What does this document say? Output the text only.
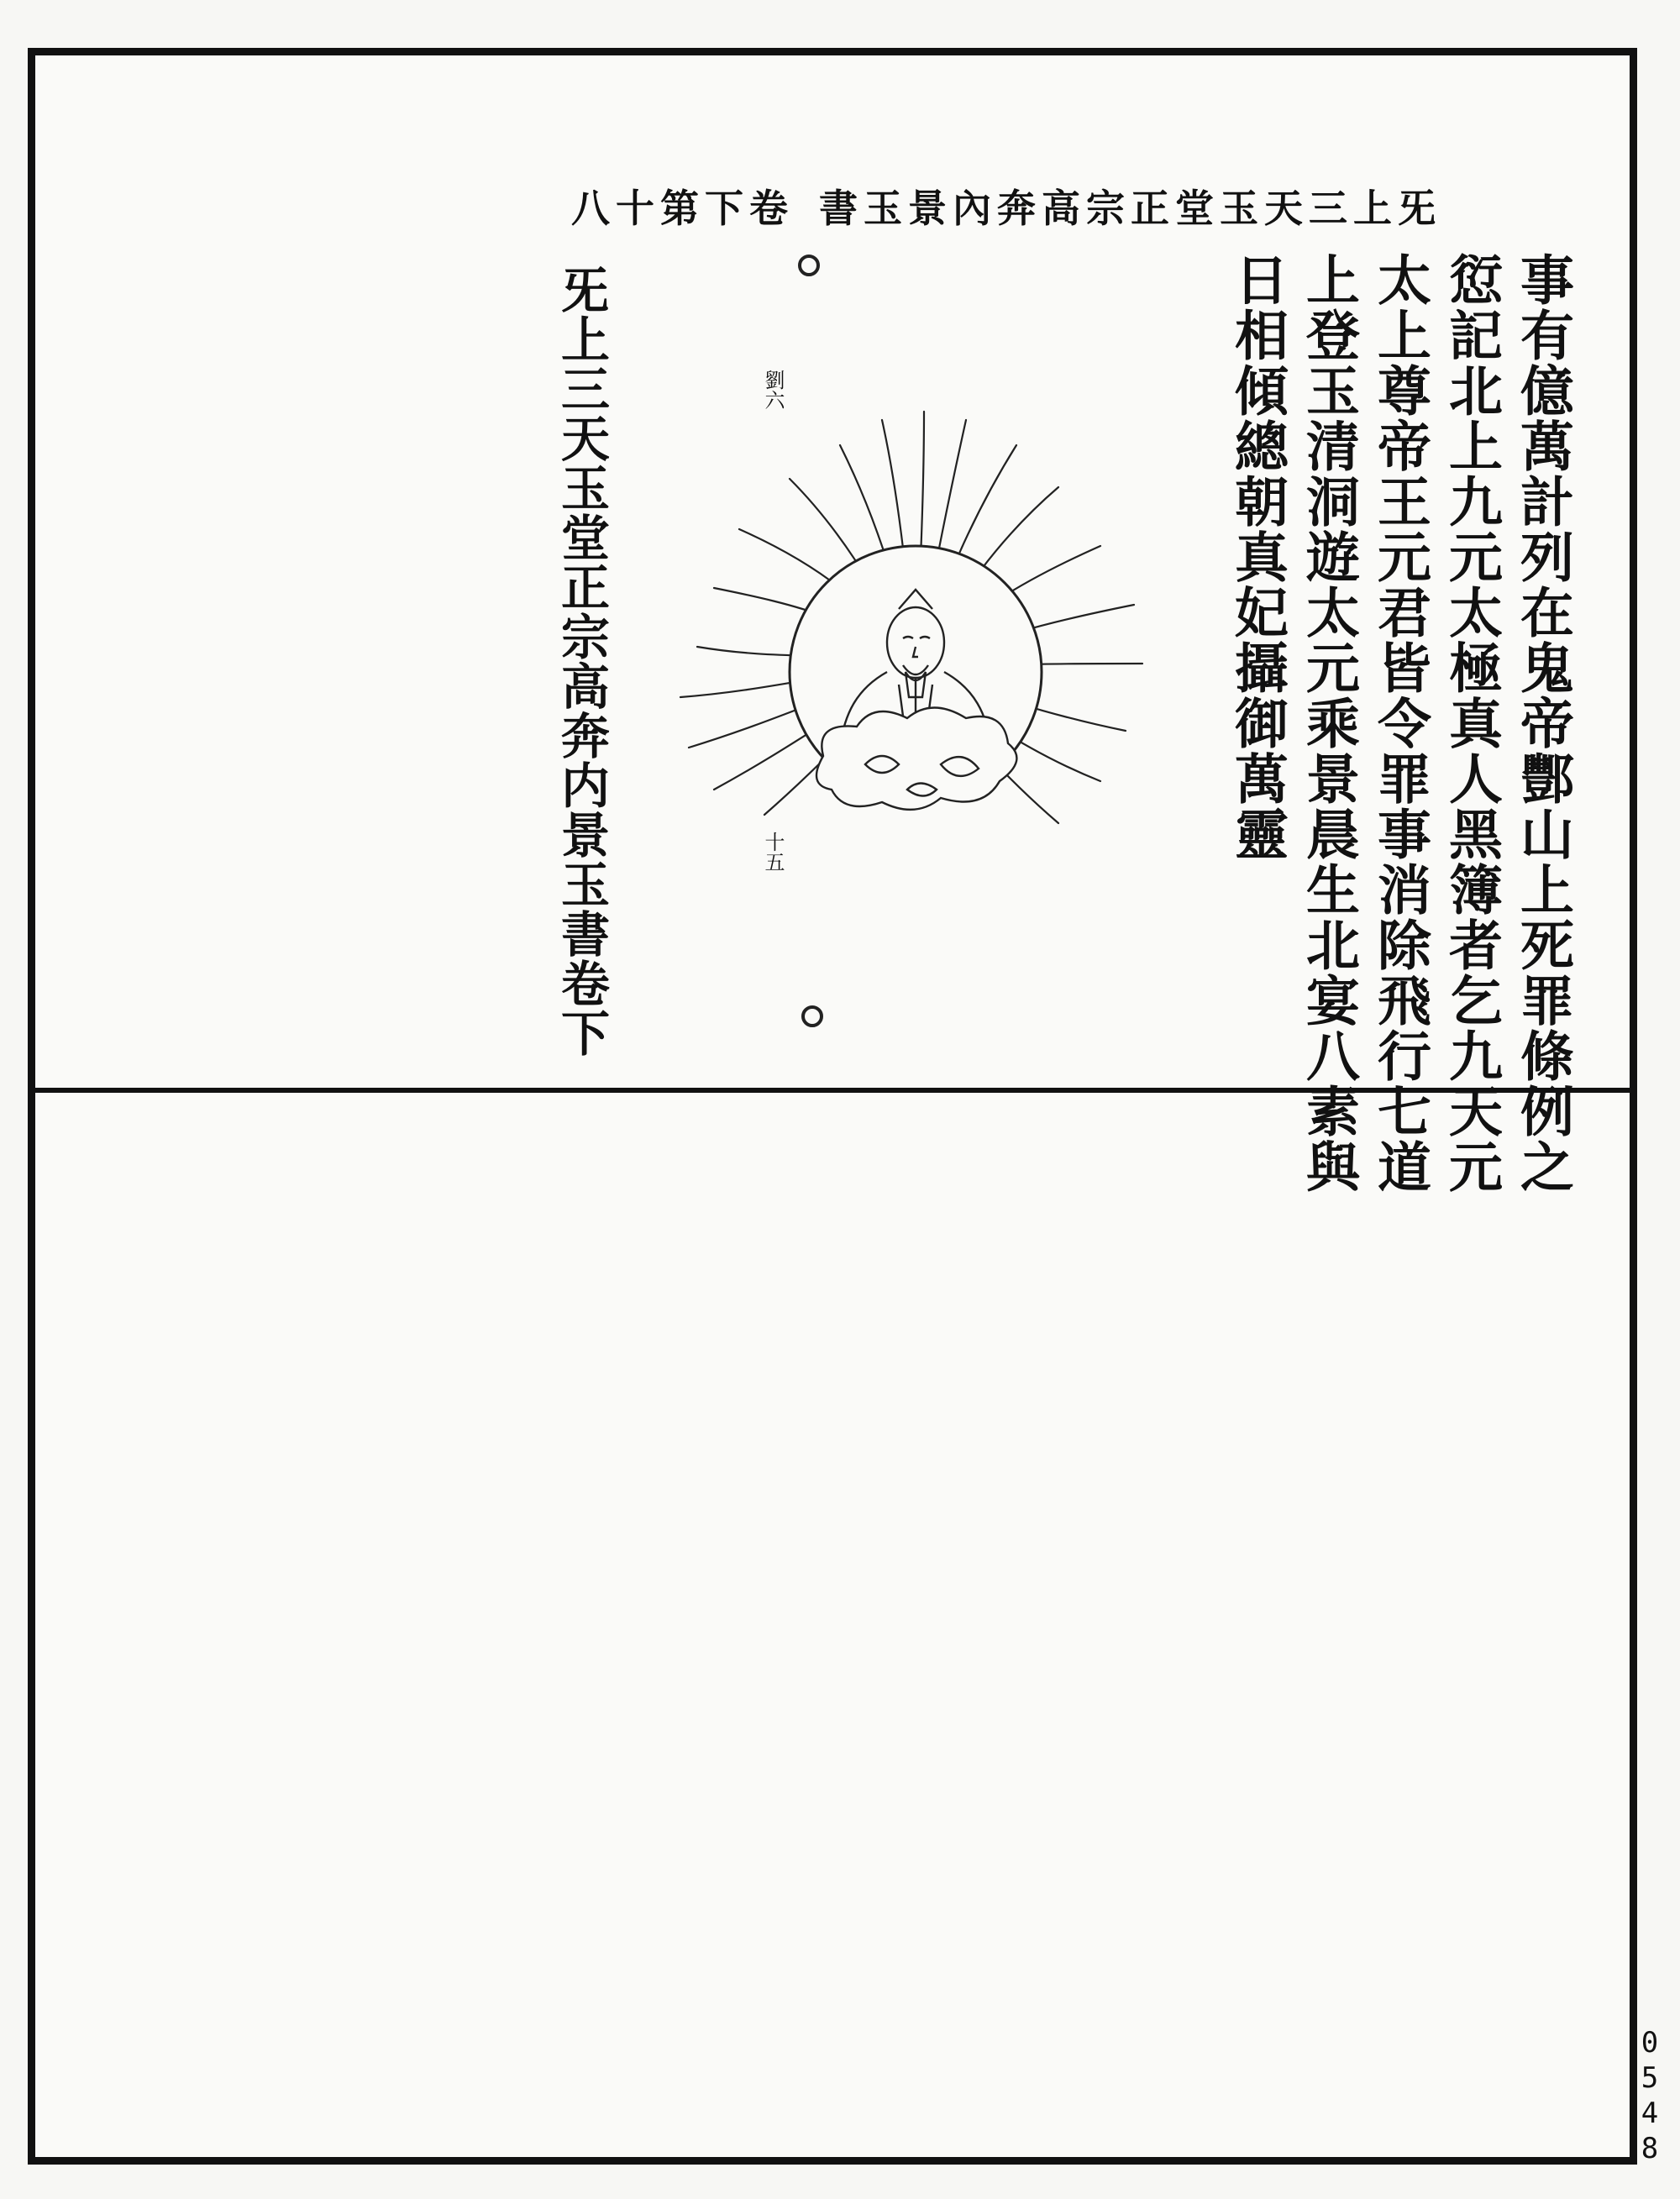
八十第下卷 書玉景內奔高宗正堂玉天三上旡
事有億萬計列在鬼帝酆山上死罪條例之
愆記北上九元太極真人黑簿者乞九天元
太上尊帝王元君皆令罪事消除飛行七道
上登玉清洞遊太元乘景晨生北宴八素與
日相傾總朝真妃攝御萬靈
旡上三天玉堂正宗高奔内景玉書卷下	劉六
十五
0548
